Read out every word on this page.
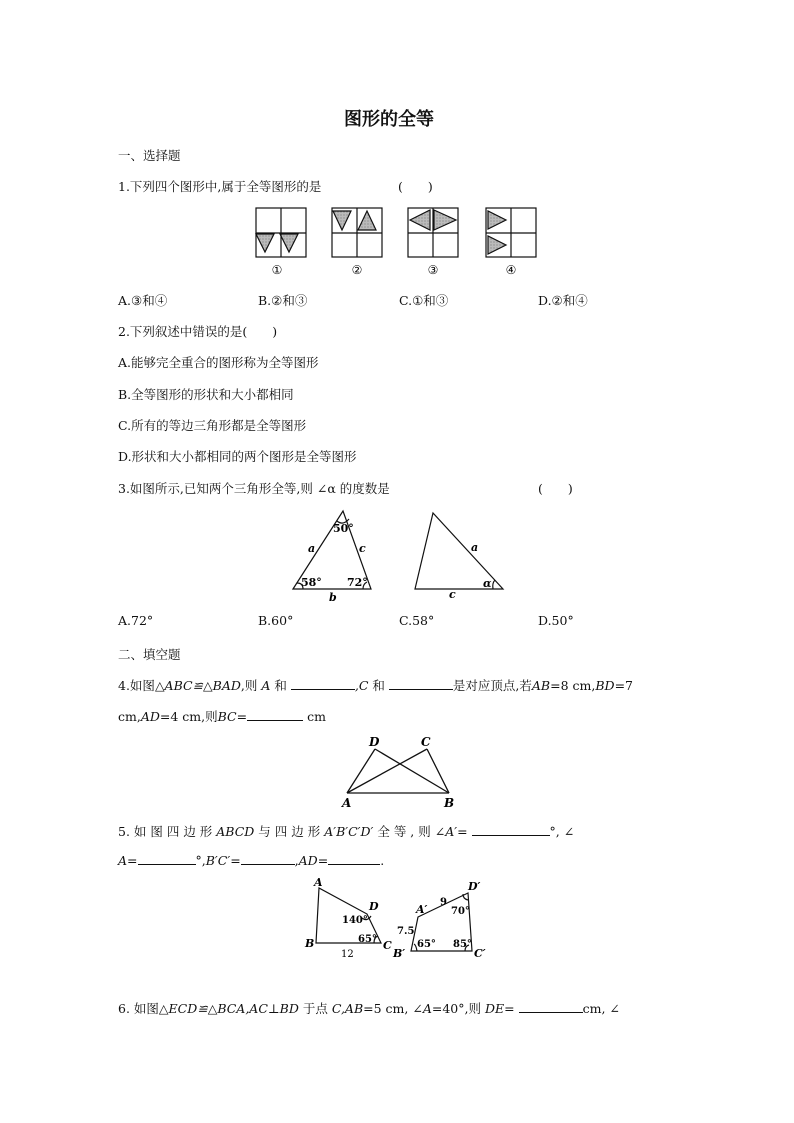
图形的全等
一、选择题
1.下列四个图形中,属于全等图形的是	(　　)
①	②	③	④
A.③和④	B.②和③	C.①和③	D.②和④
2.下列叙述中错误的是(　　)
A.能够完全重合的图形称为全等图形
B.全等图形的形状和大小都相同
C.所有的等边三角形都是全等图形
D.形状和大小都相同的两个图形是全等图形
3.如图所示,已知两个三角形全等,则 ∠α 的度数是	(　　)
50°
a	c
58° 72°
b
a
α
c
A.72°	B.60°	C.58°	D.50°
二、填空题
4.如图△ABC≌△BAD,则 A 和	,C 和	是对应顶点,若AB=8 cm,BD=7
cm,AD=4 cm,则BC=	cm
D	C
A	B
5. 如 图 四 边 形 ABCD 与 四 边 形 A′B′C′D′ 全 等 , 则 ∠A′=	°, ∠
A=	°,B′C′=	,AD=	.
A
D
140°
65°
B	C
12
A′
D′
9
70°
7.5
65° 85°
B′	C′
6. 如图△ECD≌△BCA,AC⊥BD 于点 C,AB=5 cm, ∠A=40°,则 DE=	cm, ∠
